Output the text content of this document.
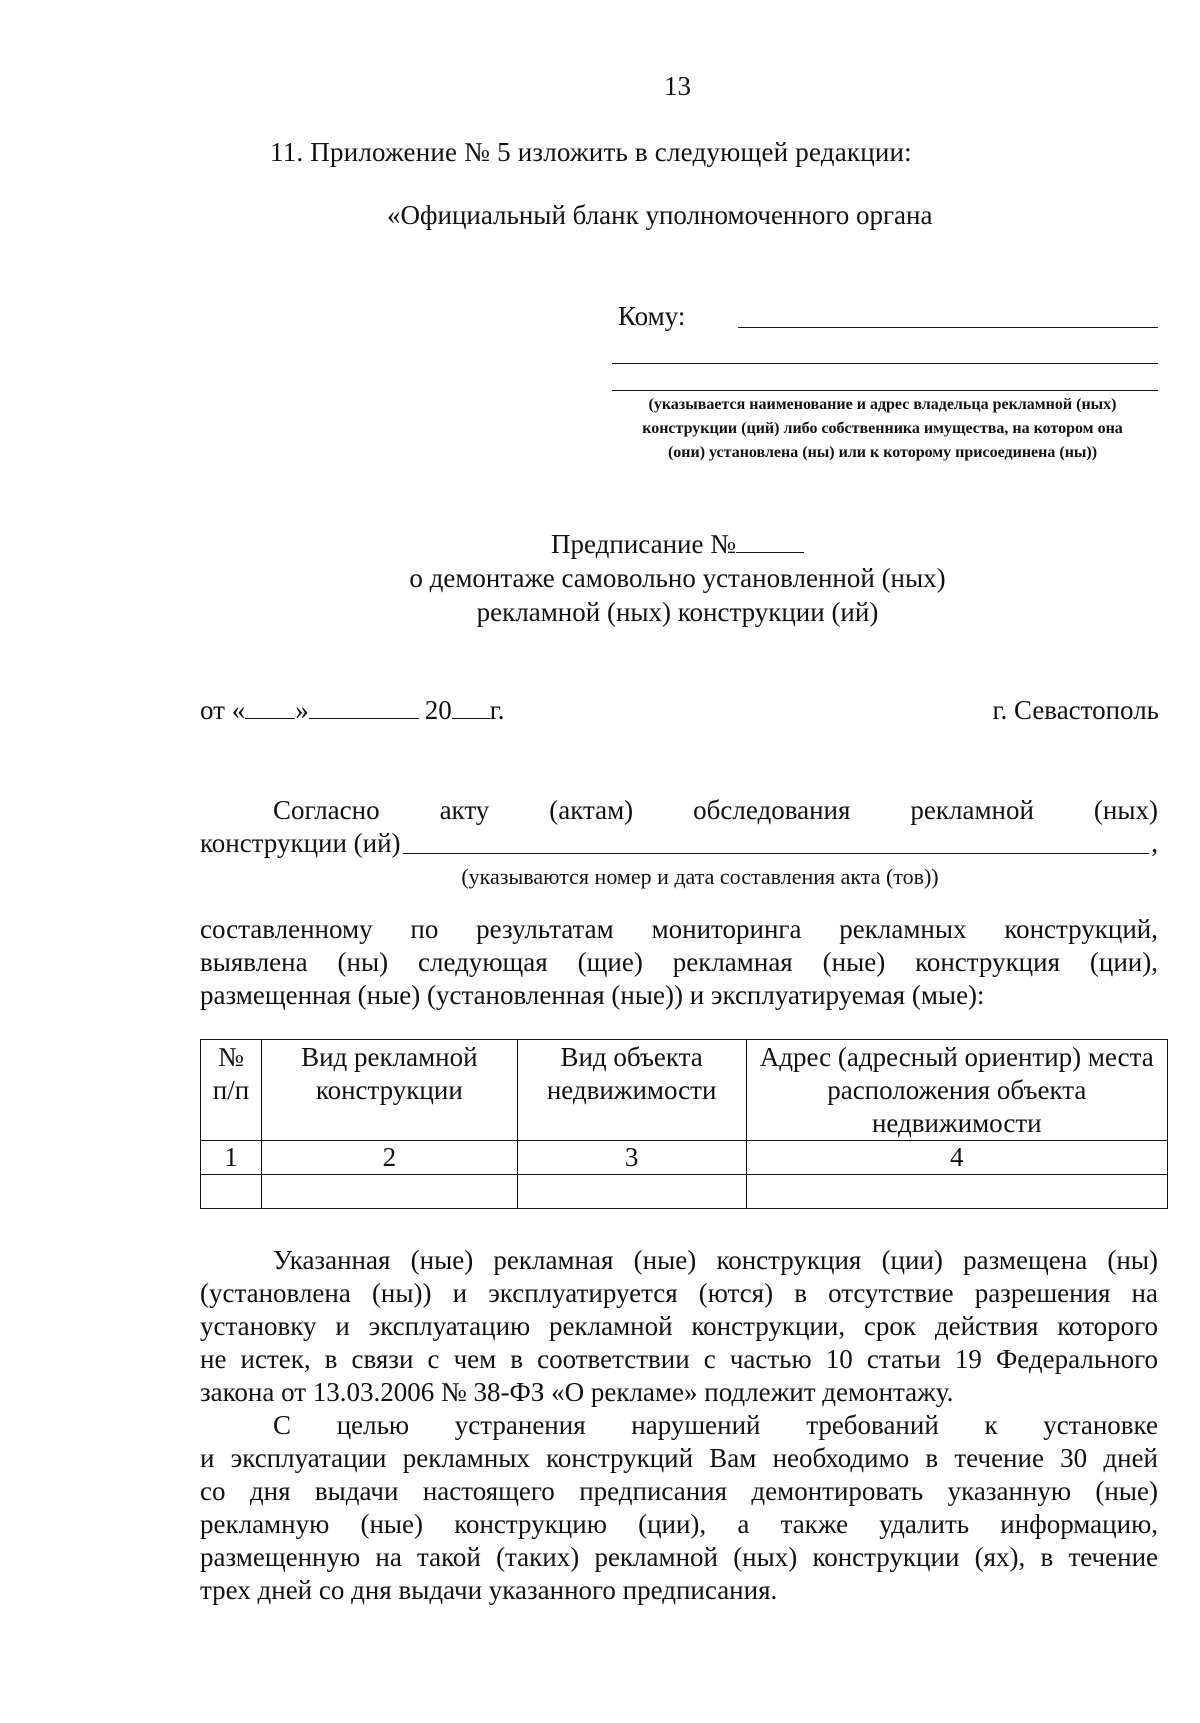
13
11. Приложение № 5 изложить в следующей редакции:
«Официальный бланк уполномоченного органа
Кому:
(указывается наименование и адрес владельца рекламной (ных)
конструкции (ций) либо собственника имущества, на котором она
(они) установлена (ны) или к которому присоединена (ны))
Предписание №
о демонтаже самовольно установленной (ных)
рекламной (ных) конструкции (ий)
от « »	20 г.	г. Севастополь
Согласно акту (актам) обследования рекламной (ных)
конструкции (ий)	,
(указываются номер и дата составления акта (тов))
составленному по результатам мониторинга рекламных конструкций,
выявлена (ны) следующая (щие) рекламная (ные) конструкция (ции),
размещенная (ные) (установленная (ные)) и эксплуатируемая (мые):
№ п/п	Вид рекламной конструкции	Вид объекта недвижимости	Адрес (адресный ориентир) места расположения объекта недвижимости
1	2	3	4

Указанная (ные) рекламная (ные) конструкция (ции) размещена (ны)
(установлена (ны)) и эксплуатируется (ются) в отсутствие разрешения на
установку и эксплуатацию рекламной конструкции, срок действия которого
не истек, в связи с чем в соответствии с частью 10 статьи 19 Федерального
закона от 13.03.2006 № 38-ФЗ «О рекламе» подлежит демонтажу.
С целью устранения нарушений требований к установке
и эксплуатации рекламных конструкций Вам необходимо в течение 30 дней
со дня выдачи настоящего предписания демонтировать указанную (ные)
рекламную (ные) конструкцию (ции), а также удалить информацию,
размещенную на такой (таких) рекламной (ных) конструкции (ях), в течение
трех дней со дня выдачи указанного предписания.
